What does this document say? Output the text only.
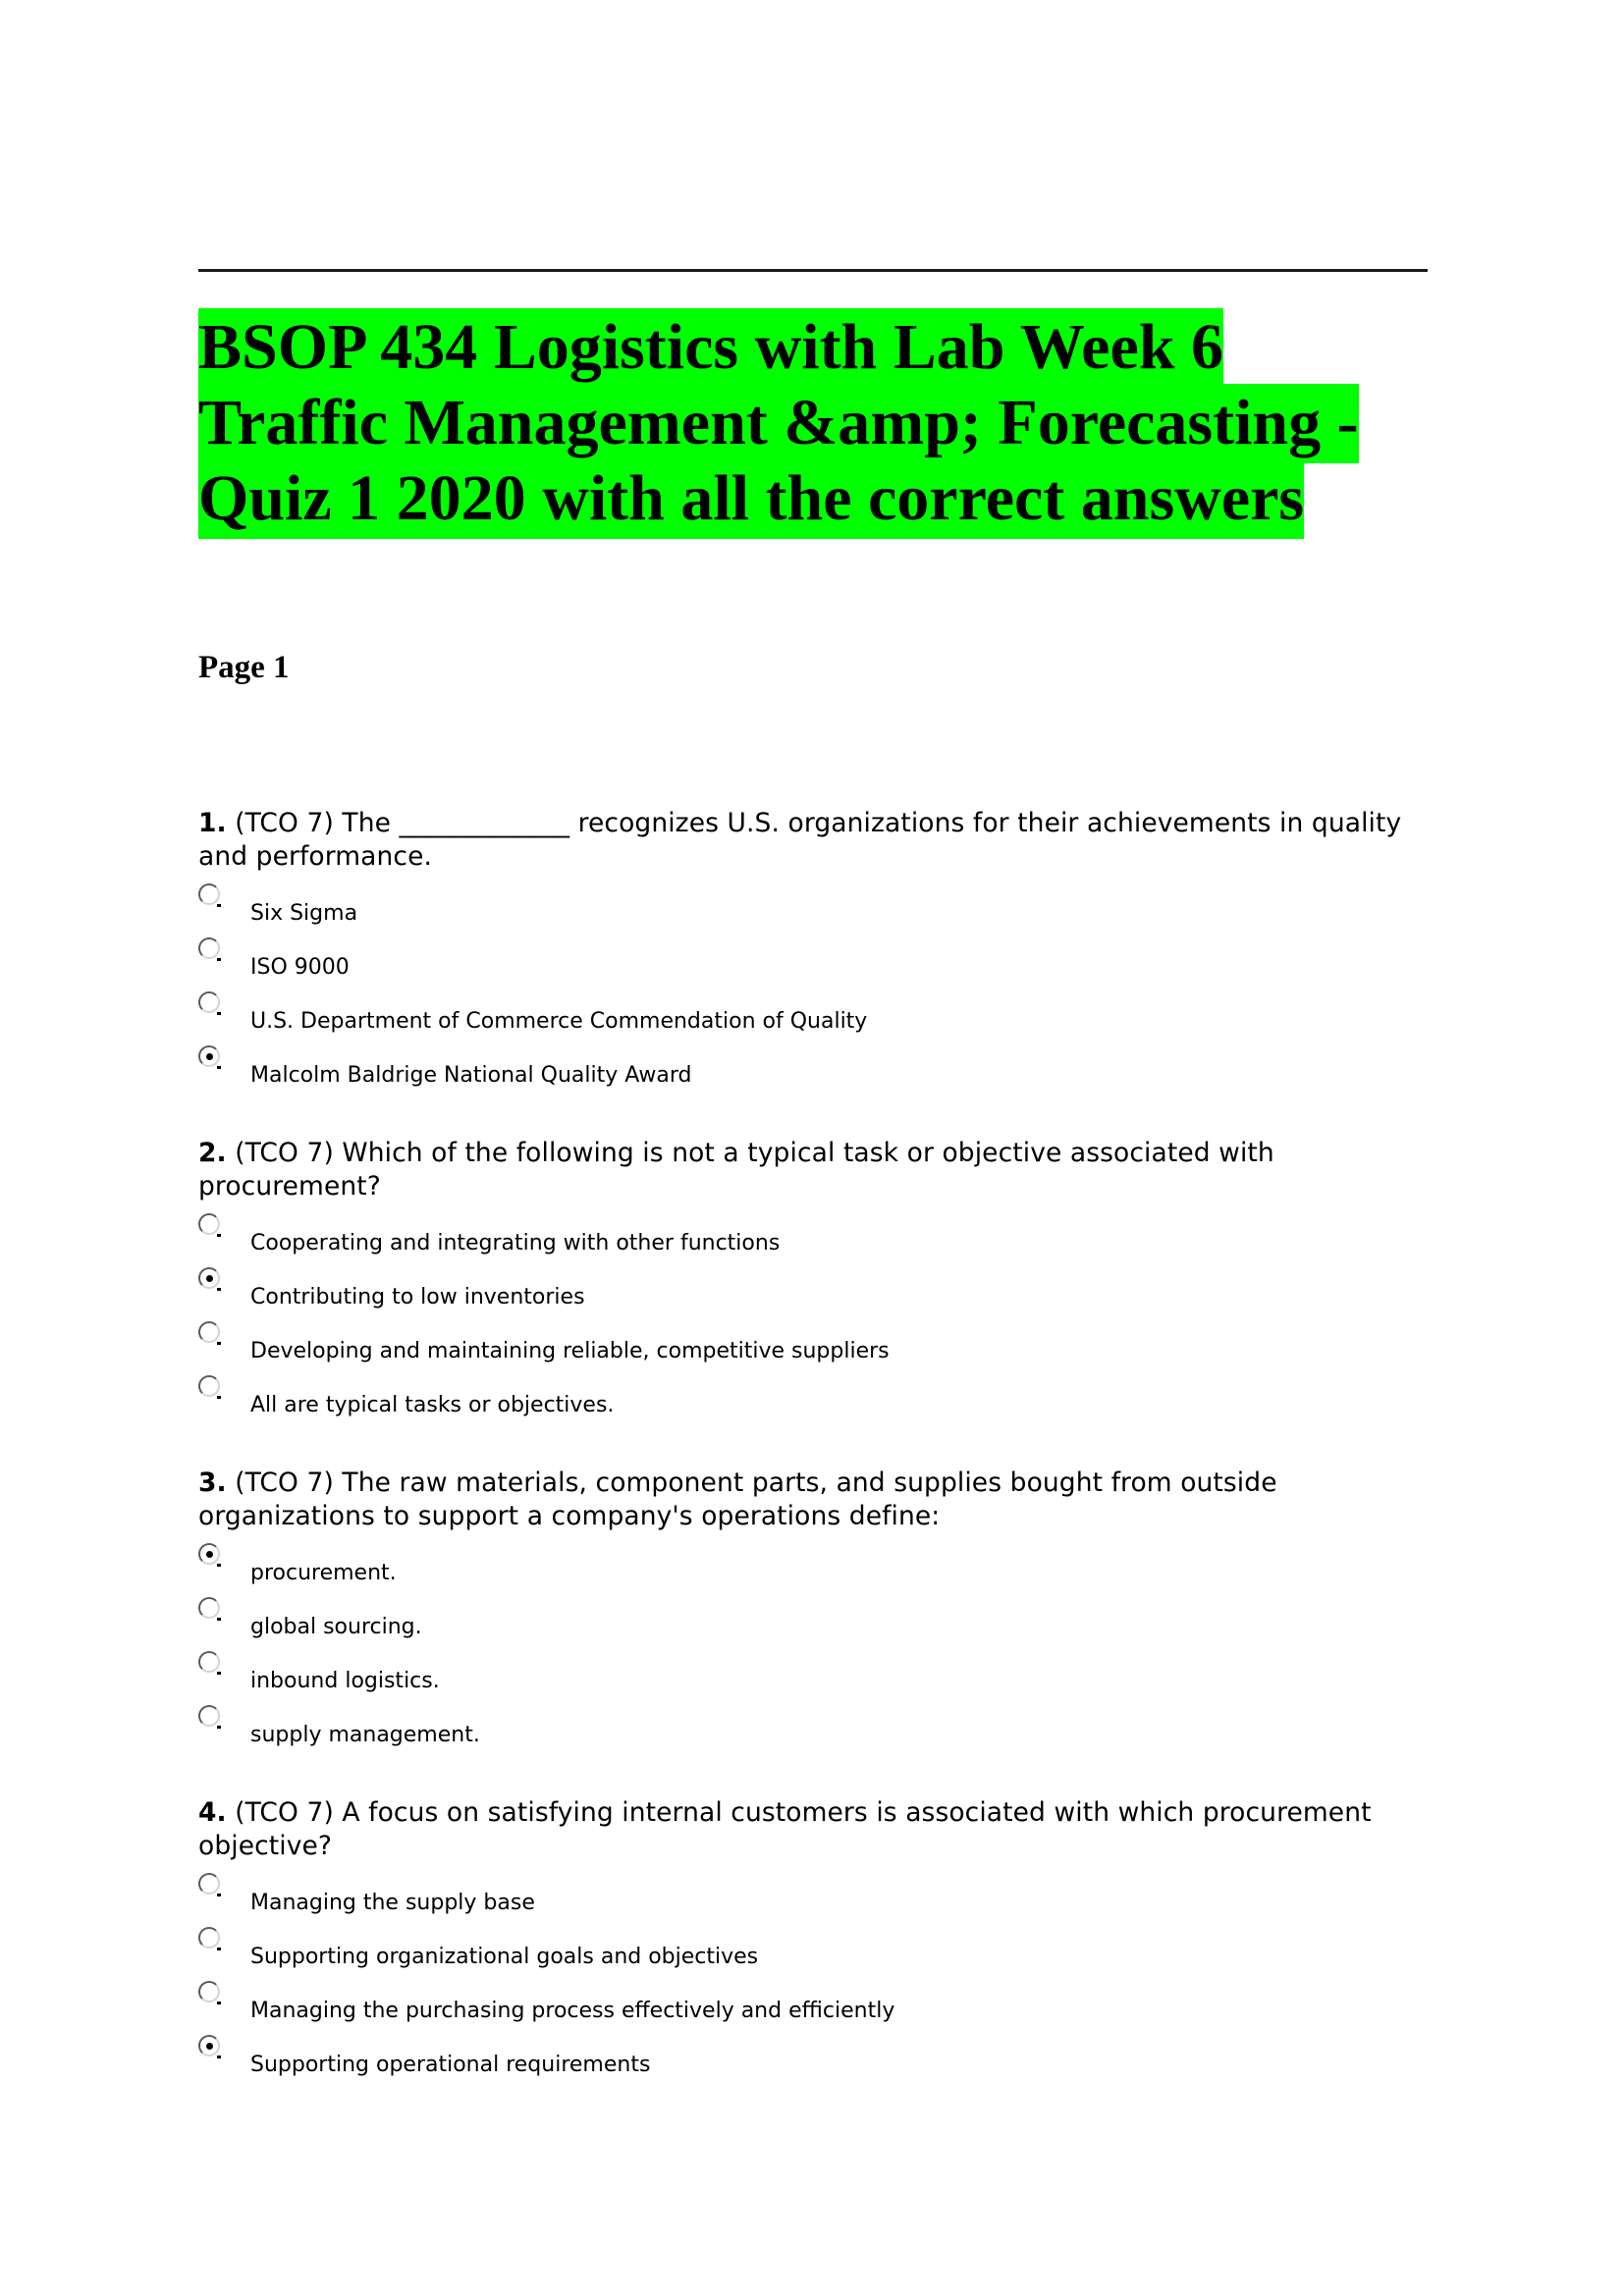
BSOP 434 Logistics with Lab Week 6
Traffic Management &amp; Forecasting -
Quiz 1 2020 with all the correct answers
Page 1

1. (TCO 7) The _____________ recognizes U.S. organizations for their achievements in quality and performance.

Six Sigma
ISO 9000
U.S. Department of Commerce Commendation of Quality
Malcolm Baldrige National Quality Award

2. (TCO 7) Which of the following is not a typical task or objective associated with procurement?

Cooperating and integrating with other functions
Contributing to low inventories
Developing and maintaining reliable, competitive suppliers
All are typical tasks or objectives.

3. (TCO 7) The raw materials, component parts, and supplies bought from outside organizations to support a company's operations define:

procurement.
global sourcing.
inbound logistics.
supply management.

4. (TCO 7) A focus on satisfying internal customers is associated with which procurement objective?

Managing the supply base
Supporting organizational goals and objectives
Managing the purchasing process effectively and efficiently
Supporting operational requirements
